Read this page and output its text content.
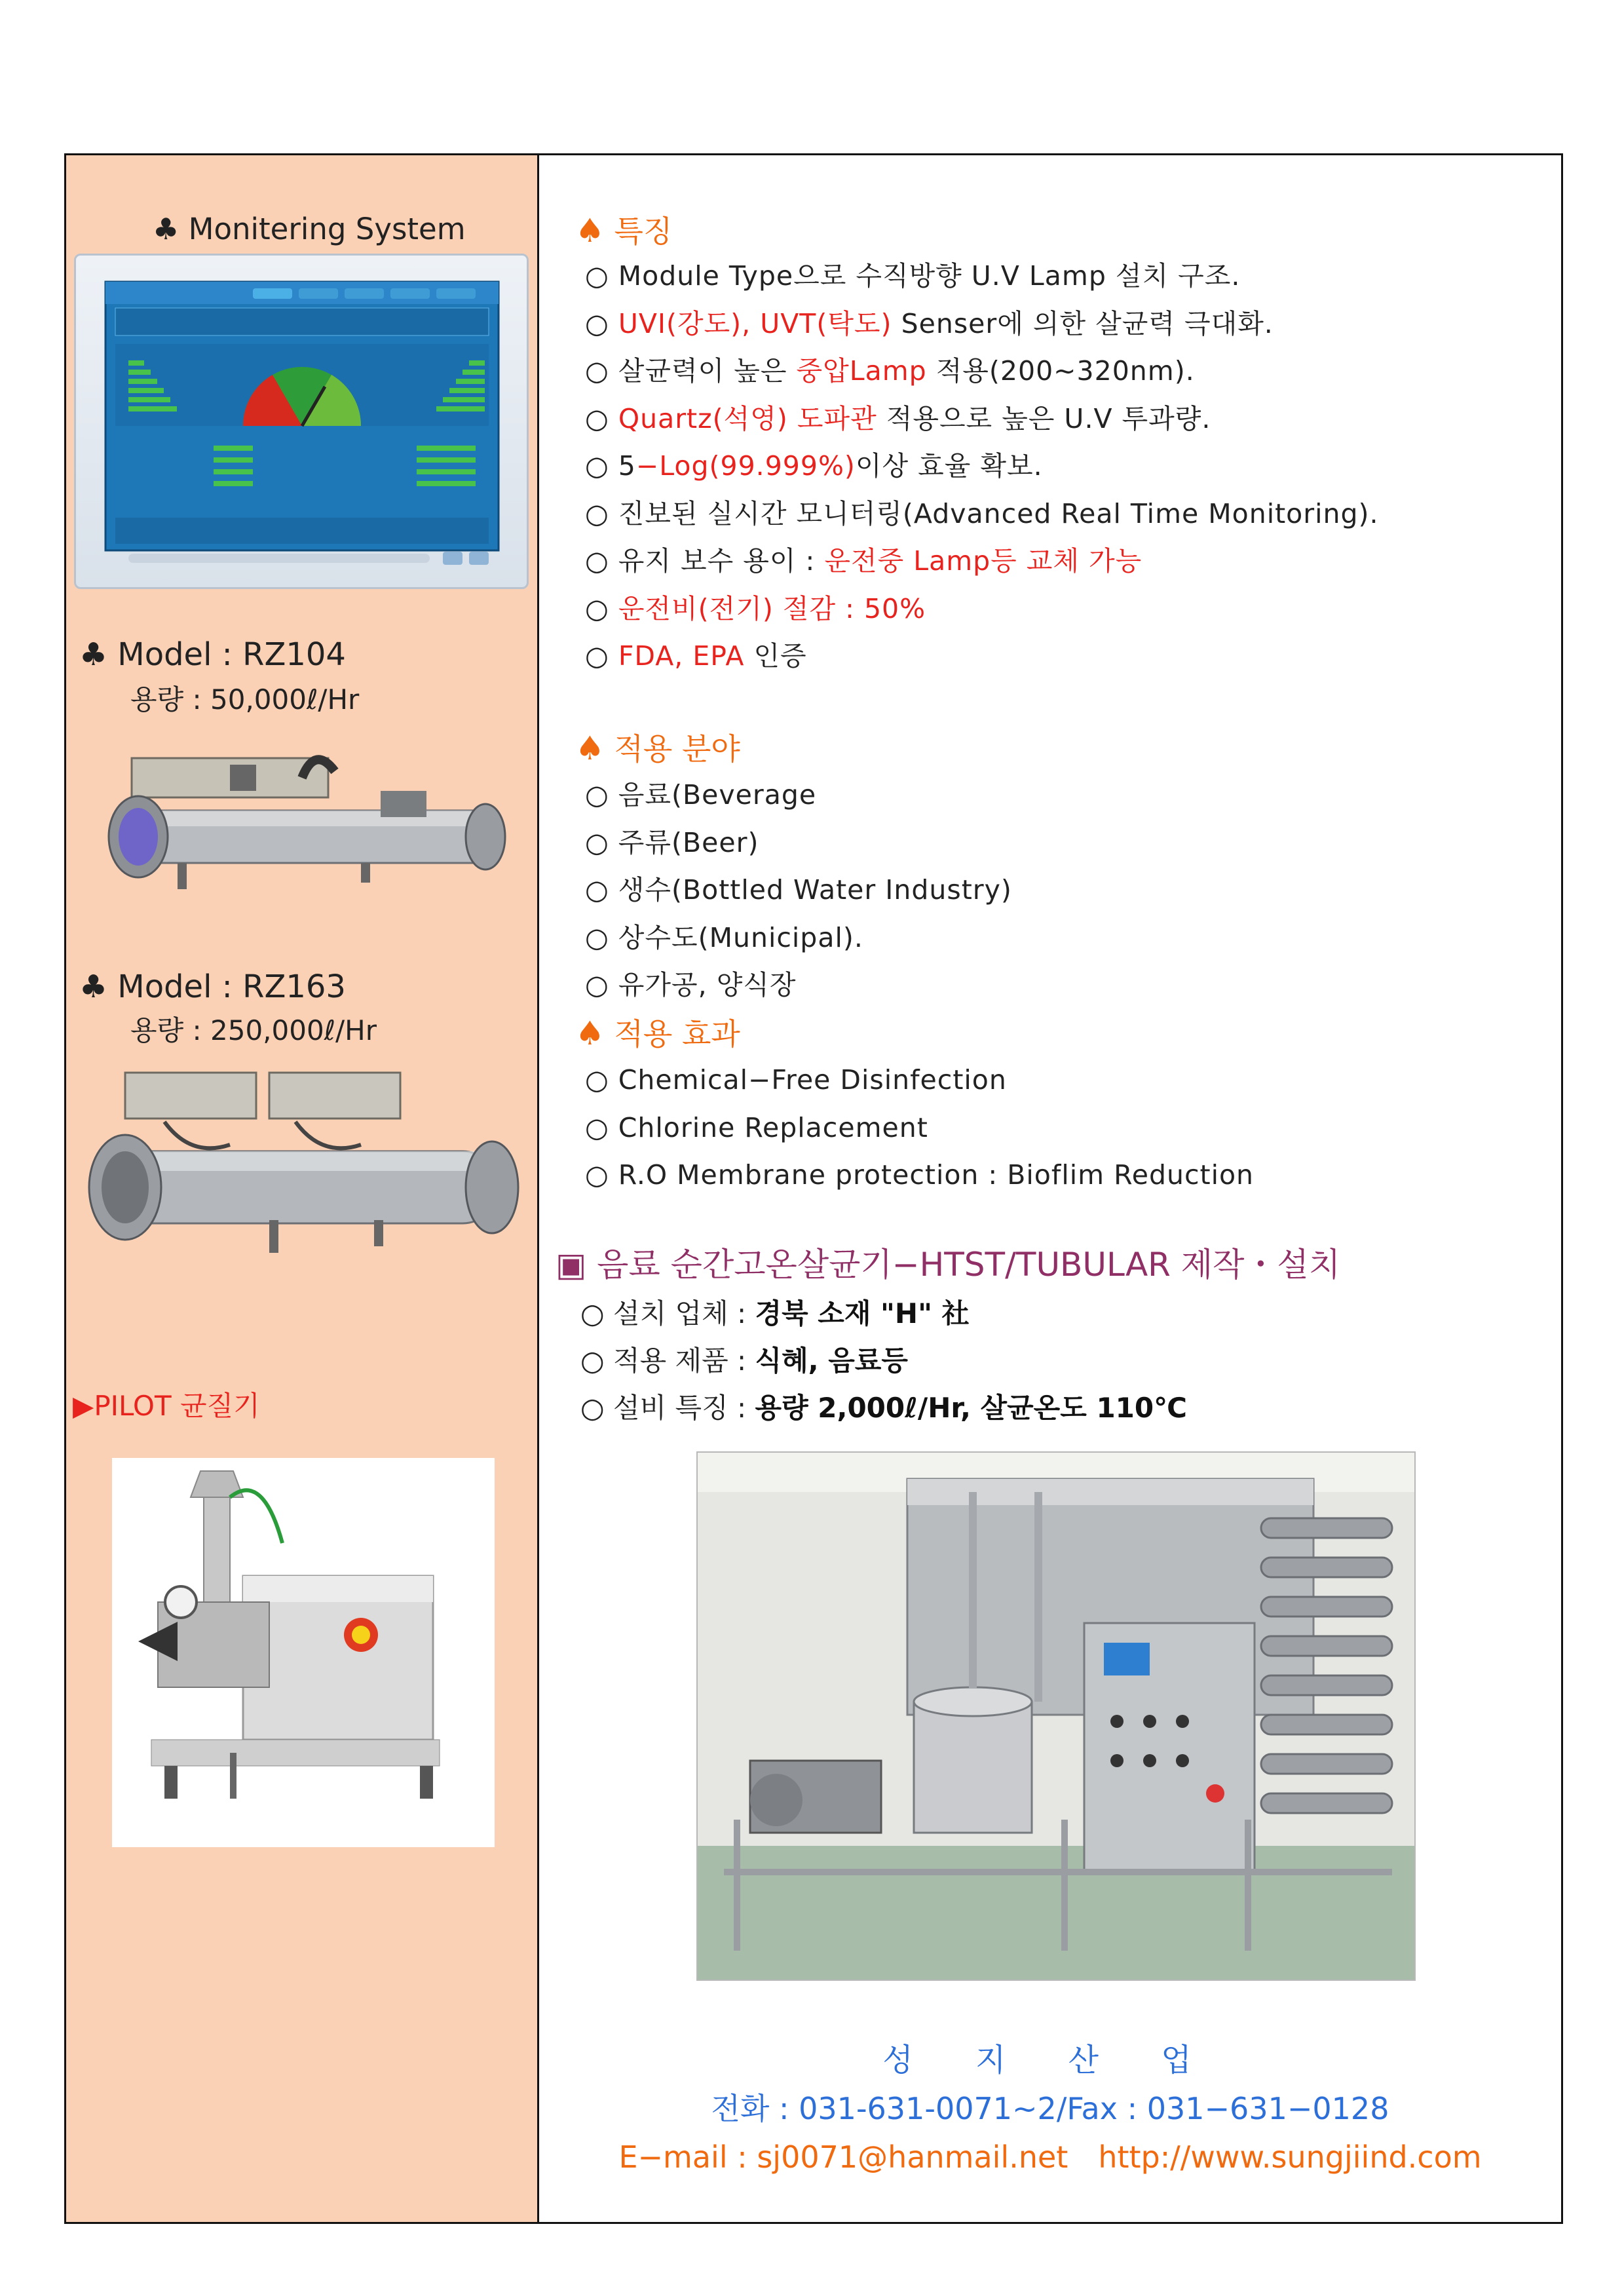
♣ Monitering System
♣ Model : RZ104
용량 : 50,000ℓ/Hr
♣ Model : RZ163
용량 : 250,000ℓ/Hr
▶PILOT 균질기
♠ 특징
○ Module Type으로 수직방향 U.V Lamp 설치 구조.
○ UVI(강도), UVT(탁도) Senser에 의한 살균력 극대화.
○ 살균력이 높은 중압Lamp 적용(200∼320nm).
○ Quartz(석영) 도파관 적용으로 높은 U.V 투과량.
○ 5−Log(99.999%)이상 효율 확보.
○ 진보된 실시간 모니터링(Advanced Real Time Monitoring).
○ 유지 보수 용이 : 운전중 Lamp등 교체 가능
○ 운전비(전기) 절감 : 50%
○ FDA, EPA 인증
♠ 적용 분야
○ 음료(Beverage
○ 주류(Beer)
○ 생수(Bottled Water Industry)
○ 상수도(Municipal).
○ 유가공, 양식장
♠ 적용 효과
○ Chemical−Free Disinfection
○ Chlorine Replacement
○ R.O Membrane protection : Bioflim Reduction
▣ 음료 순간고온살균기−HTST/TUBULAR 제작・설치
○ 설치 업체 : 경북 소재 "H" 社
○ 적용 제품 : 식혜, 음료등
○ 설비 특징 : 용량 2,000ℓ/Hr, 살균온도 110℃
성 지 산 업
전화 : 031-631-0071∼2/Fax : 031−631−0128
E−mail : sj0071@hanmail.net http://www.sungjiind.com
